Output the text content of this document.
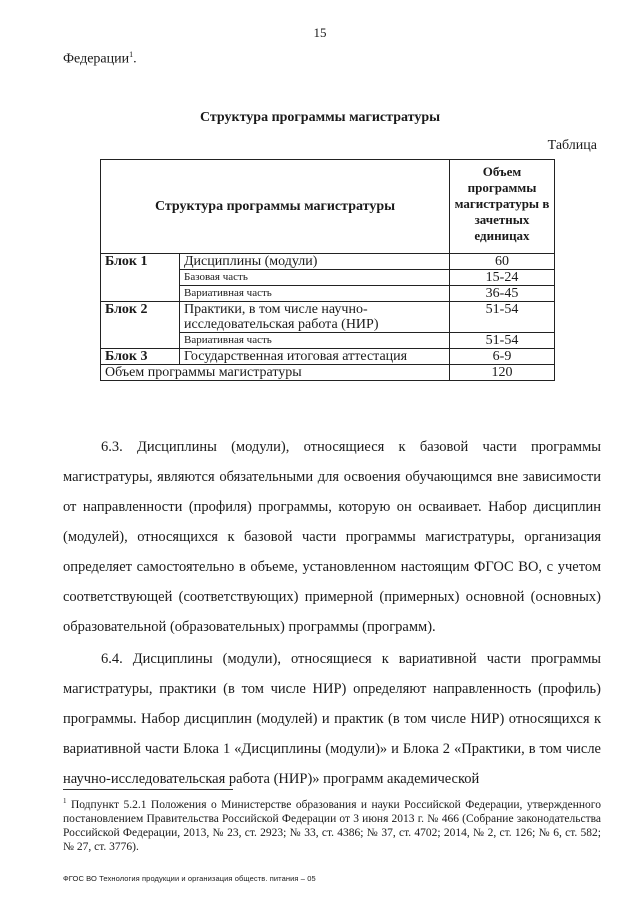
15
Федерации$^1$.
Структура программы магистратуры
Таблица
Структура программы магистратуры		Объем программы магистратуры в зачетных единицах
Блок 1	Дисциплины (модули)	60
	Базовая часть	15-24
	Вариативная часть	36-45
Блок 2	Практики, в том числе научно-исследовательская работа (НИР)	51-54
	Вариативная часть	51-54
Блок 3	Государственная итоговая аттестация	6-9
Объем программы магистратуры		120

6.3. Дисциплины (модули), относящиеся к базовой части программы магистратуры, являются обязательными для освоения обучающимся вне зависимости от направленности (профиля) программы, которую он осваивает. Набор дисциплин (модулей), относящихся к базовой части программы магистратуры, организация определяет самостоятельно в объеме, установленном настоящим ФГОС ВО, с учетом соответствующей (соответствующих) примерной (примерных) основной (основных) образовательной (образовательных) программы (программ).

6.4. Дисциплины (модули), относящиеся к вариативной части программы магистратуры, практики (в том числе НИР) определяют направленность (профиль) программы. Набор дисциплин (модулей) и практик (в том числе НИР) относящихся к вариативной части Блока 1 «Дисциплины (модули)» и Блока 2 «Практики, в том числе научно-исследовательская работа (НИР)» программ академической

$^1$ Подпункт 5.2.1 Положения о Министерстве образования и науки Российской Федерации, утвержденного постановлением Правительства Российской Федерации от 3 июня 2013 г. № 466 (Собрание законодательства Российской Федерации, 2013, № 23, ст. 2923; № 33, ст. 4386; № 37, ст. 4702; 2014, № 2, ст. 126; № 6, ст. 582; № 27, ст. 3776).
ФГОС ВО Технология продукции и организация обществ. питания – 05
